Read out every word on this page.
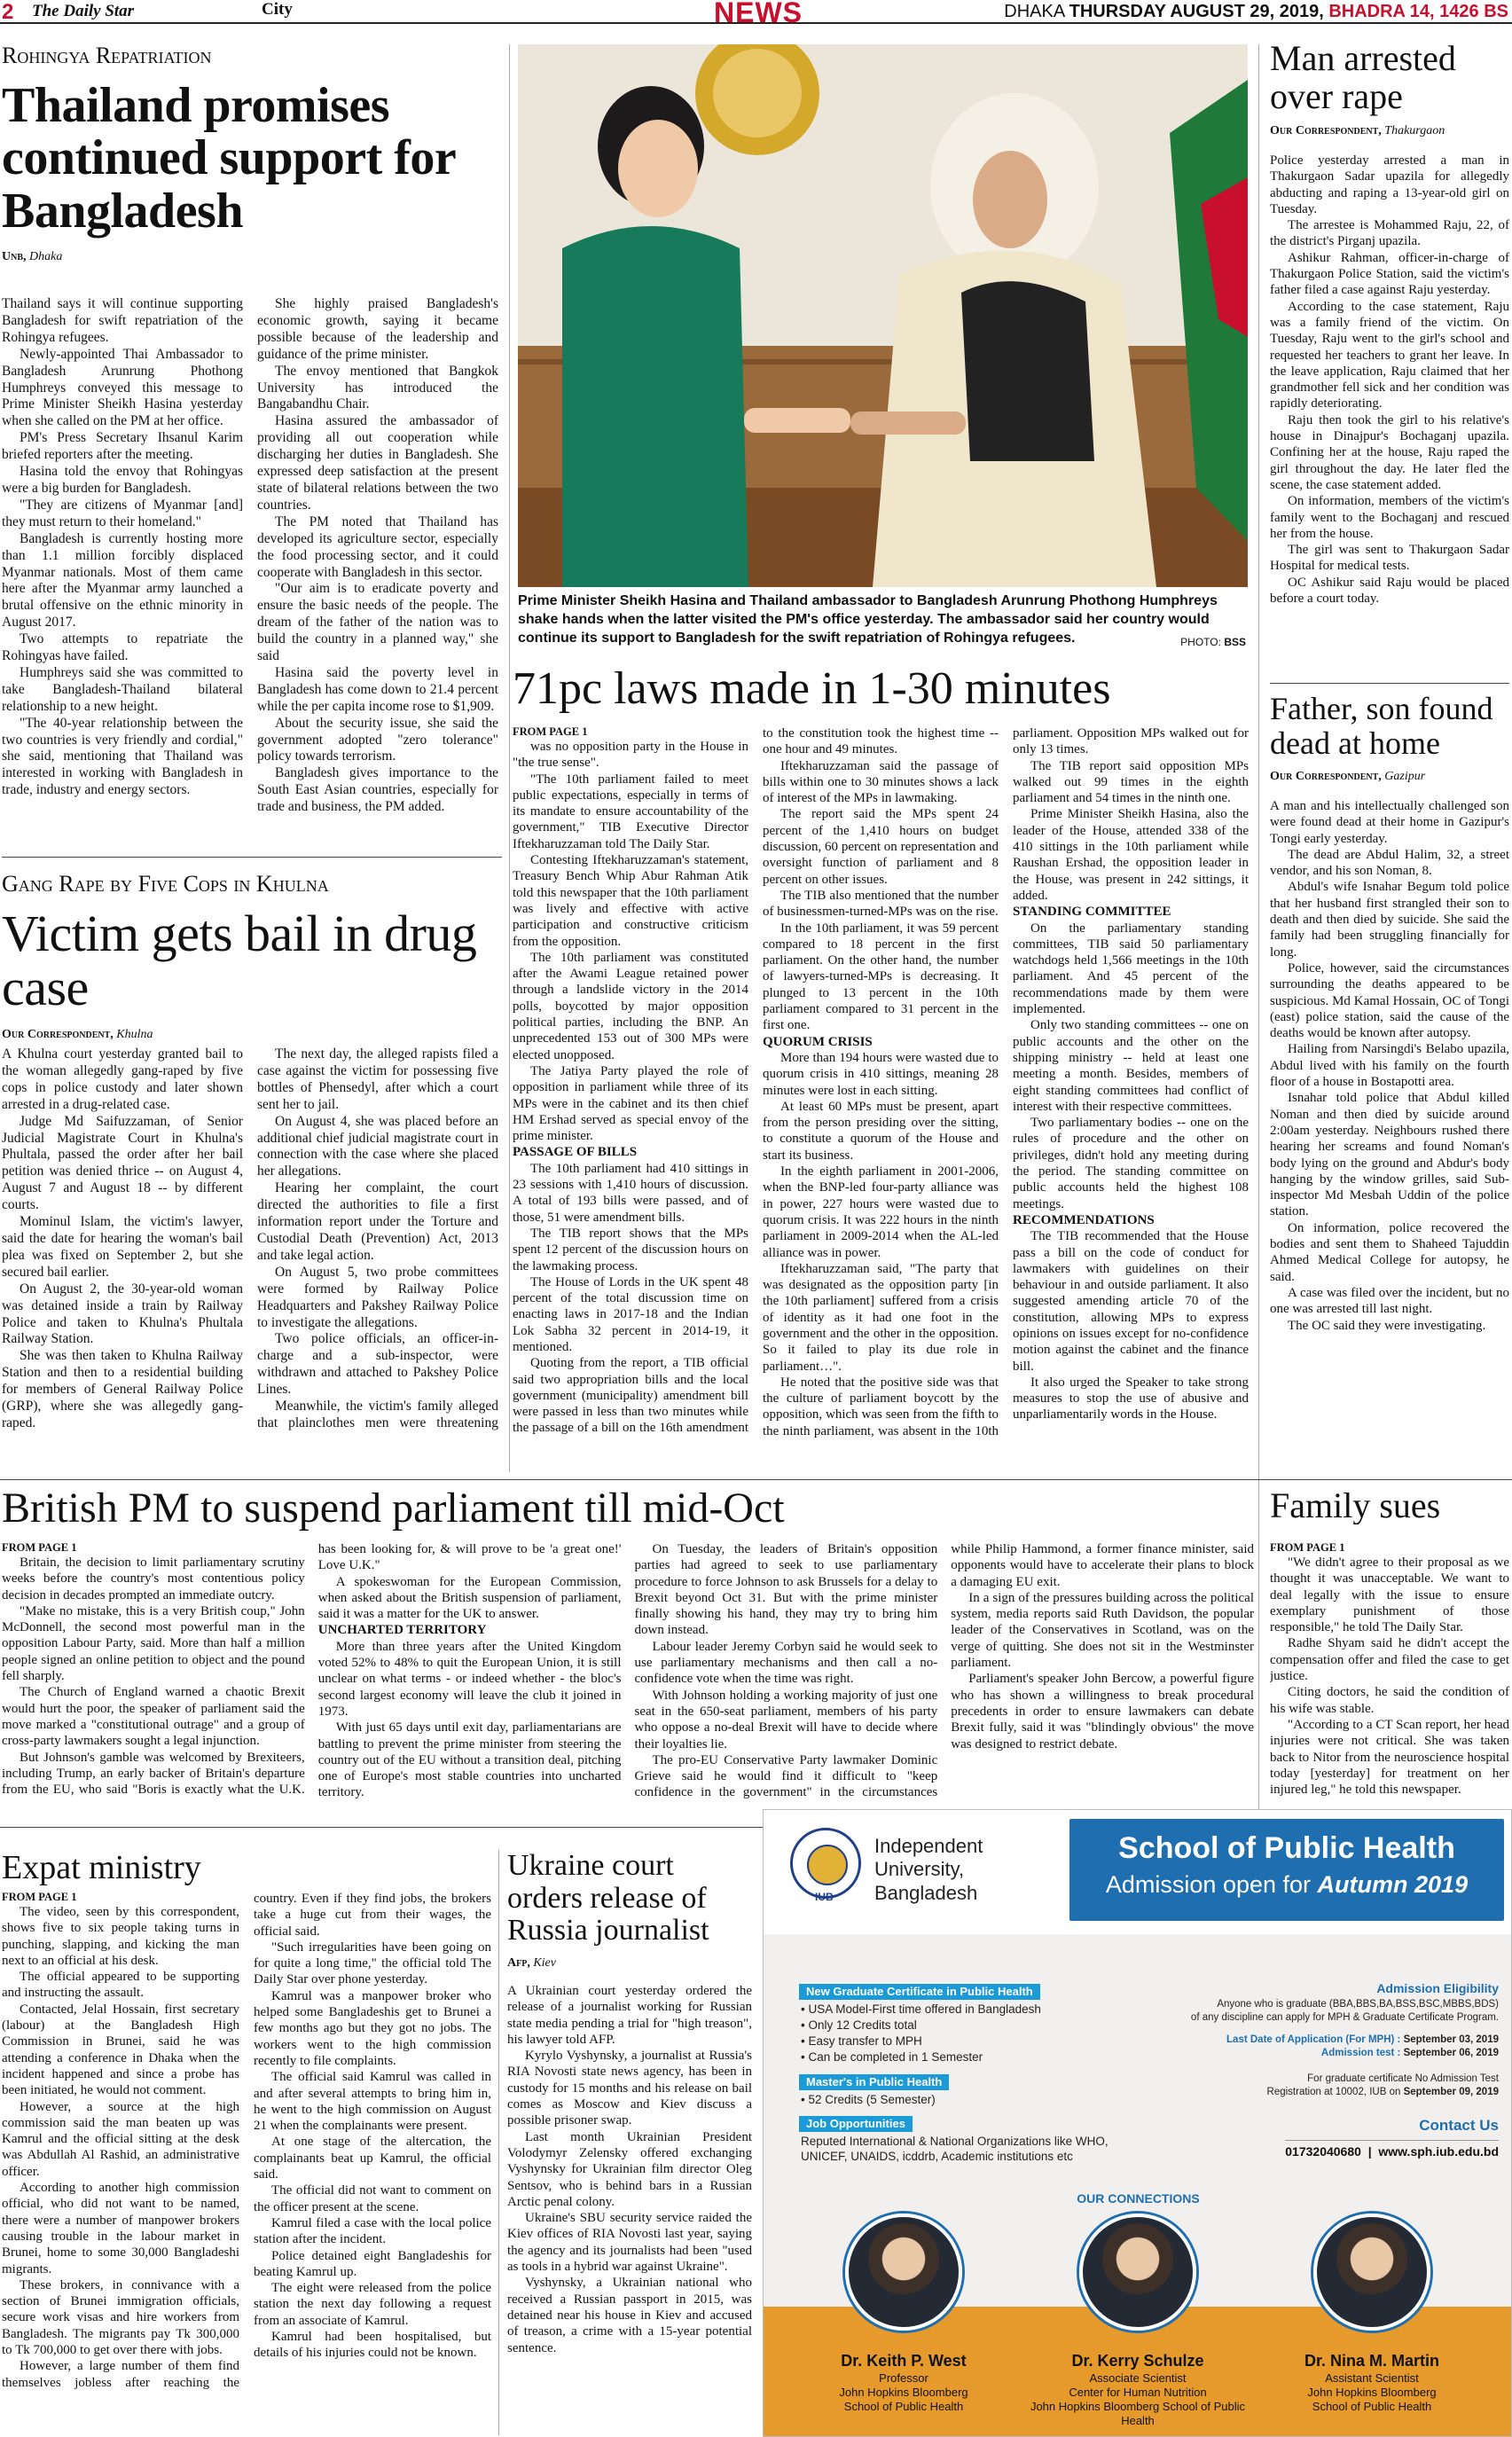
2 The Daily Star	City	NEWS	DHAKA THURSDAY AUGUST 29, 2019, BHADRA 14, 1426 BS
Rohingya Repatriation
Thailand promises continued support for Bangladesh
Unb, Dhaka

Thailand says it will continue supporting Bangladesh for swift repatriation of the Rohingya refugees.

Newly-appointed Thai Ambassador to Bangladesh Arunrung Phothong Humphreys conveyed this message to Prime Minister Sheikh Hasina yesterday when she called on the PM at her office.

PM's Press Secretary Ihsanul Karim briefed reporters after the meeting.

Hasina told the envoy that Rohingyas were a big burden for Bangladesh.

"They are citizens of Myanmar [and] they must return to their homeland."

Bangladesh is currently hosting more than 1.1 million forcibly displaced Myanmar nationals. Most of them came here after the Myanmar army launched a brutal offensive on the ethnic minority in August 2017.

Two attempts to repatriate the Rohingyas have failed.

Humphreys said she was committed to take Bangladesh-Thailand bilateral relationship to a new height.

"The 40-year relationship between the two countries is very friendly and cordial," she said, mentioning that Thailand was interested in working with Bangladesh in trade, industry and energy sectors.

She highly praised Bangladesh's economic growth, saying it became possible because of the leadership and guidance of the prime minister.

The envoy mentioned that Bangkok University has introduced the Bangabandhu Chair.

Hasina assured the ambassador of providing all out cooperation while discharging her duties in Bangladesh. She expressed deep satisfaction at the present state of bilateral relations between the two countries.

The PM noted that Thailand has developed its agriculture sector, especially the food processing sector, and it could cooperate with Bangladesh in this sector.

"Our aim is to eradicate poverty and ensure the basic needs of the people. The dream of the father of the nation was to build the country in a planned way," she said

Hasina said the poverty level in Bangladesh has come down to 21.4 percent while the per capita income rose to $1,909.

About the security issue, she said the government adopted "zero tolerance" policy towards terrorism.

Bangladesh gives importance to the South East Asian countries, especially for trade and business, the PM added.

Gang Rape by Five Cops in Khulna
Victim gets bail in drug case
Our Correspondent, Khulna

A Khulna court yesterday granted bail to the woman allegedly gang-raped by five cops in police custody and later shown arrested in a drug-related case.

Judge Md Saifuzzaman, of Senior Judicial Magistrate Court in Khulna's Phultala, passed the order after her bail petition was denied thrice -- on August 4, August 7 and August 18 -- by different courts.

Mominul Islam, the victim's lawyer, said the date for hearing the woman's bail plea was fixed on September 2, but she secured bail earlier.

On August 2, the 30-year-old woman was detained inside a train by Railway Police and taken to Khulna's Phultala Railway Station.

She was then taken to Khulna Railway Station and then to a residential building for members of General Railway Police (GRP), where she was allegedly gang-raped.

The next day, the alleged rapists filed a case against the victim for possessing five bottles of Phensedyl, after which a court sent her to jail.

On August 4, she was placed before an additional chief judicial magistrate court in connection with the case where she placed her allegations.

Hearing her complaint, the court directed the authorities to file a first information report under the Torture and Custodial Death (Prevention) Act, 2013 and take legal action.

On August 5, two probe committees were formed by Railway Police Headquarters and Pakshey Railway Police to investigate the allegations.

Two police officials, an officer-in-charge and a sub-inspector, were withdrawn and attached to Pakshey Police Lines.

Meanwhile, the victim's family alleged that plainclothes men were threatening

Prime Minister Sheikh Hasina and Thailand ambassador to Bangladesh Arunrung Phothong Humphreys shake hands when the latter visited the PM's office yesterday. The ambassador said her country would continue its support to Bangladesh for the swift repatriation of Rohingya refugees.	PHOTO: BSS
71pc laws made in 1-30 minutes
FROM PAGE 1

was no opposition party in the House in "the true sense".

"The 10th parliament failed to meet public expectations, especially in terms of its mandate to ensure accountability of the government," TIB Executive Director Iftekharuzzaman told The Daily Star.

Contesting Iftekharuzzaman's statement, Treasury Bench Whip Abur Rahman Atik told this newspaper that the 10th parliament was lively and effective with active participation and constructive criticism from the opposition.

The 10th parliament was constituted after the Awami League retained power through a landslide victory in the 2014 polls, boycotted by major opposition political parties, including the BNP. An unprecedented 153 out of 300 MPs were elected unopposed.

The Jatiya Party played the role of opposition in parliament while three of its MPs were in the cabinet and its then chief HM Ershad served as special envoy of the prime minister.

PASSAGE OF BILLS

The 10th parliament had 410 sittings in 23 sessions with 1,410 hours of discussion. A total of 193 bills were passed, and of those, 51 were amendment bills.

The TIB report shows that the MPs spent 12 percent of the discussion hours on the lawmaking process.

The House of Lords in the UK spent 48 percent of the total discussion time on enacting laws in 2017-18 and the Indian Lok Sabha 32 percent in 2014-19, it mentioned.

Quoting from the report, a TIB official said two appropriation bills and the local government (municipality) amendment bill were passed in less than two minutes while the passage of a bill on the 16th amendment to the constitution took the highest time -- one hour and 49 minutes.

Iftekharuzzaman said the passage of bills within one to 30 minutes shows a lack of interest of the MPs in lawmaking.

The report said the MPs spent 24 percent of the 1,410 hours on budget discussion, 60 percent on representation and oversight function of parliament and 8 percent on other issues.

The TIB also mentioned that the number of businessmen-turned-MPs was on the rise.

In the 10th parliament, it was 59 percent compared to 18 percent in the first parliament. On the other hand, the number of lawyers-turned-MPs is decreasing. It plunged to 13 percent in the 10th parliament compared to 31 percent in the first one.

QUORUM CRISIS

More than 194 hours were wasted due to quorum crisis in 410 sittings, meaning 28 minutes were lost in each sitting.

At least 60 MPs must be present, apart from the person presiding over the sitting, to constitute a quorum of the House and start its business.

In the eighth parliament in 2001-2006, when the BNP-led four-party alliance was in power, 227 hours were wasted due to quorum crisis. It was 222 hours in the ninth parliament in 2009-2014 when the AL-led alliance was in power.

Iftekharuzzaman said, "The party that was designated as the opposition party [in the 10th parliament] suffered from a crisis of identity as it had one foot in the government and the other in the opposition. So it failed to play its due role in parliament…".

He noted that the positive side was that the culture of parliament boycott by the opposition, which was seen from the fifth to the ninth parliament, was absent in the 10th parliament. Opposition MPs walked out for only 13 times.

The TIB report said opposition MPs walked out 99 times in the eighth parliament and 54 times in the ninth one.

Prime Minister Sheikh Hasina, also the leader of the House, attended 338 of the 410 sittings in the 10th parliament while Raushan Ershad, the opposition leader in the House, was present in 242 sittings, it added.

STANDING COMMITTEE

On the parliamentary standing committees, TIB said 50 parliamentary watchdogs held 1,566 meetings in the 10th parliament. And 45 percent of the recommendations made by them were implemented.

Only two standing committees -- one on public accounts and the other on the shipping ministry -- held at least one meeting a month. Besides, members of eight standing committees had conflict of interest with their respective committees.

Two parliamentary bodies -- one on the rules of procedure and the other on privileges, didn't hold any meeting during the period. The standing committee on public accounts held the highest 108 meetings.

RECOMMENDATIONS

The TIB recommended that the House pass a bill on the code of conduct for lawmakers with guidelines on their behaviour in and outside parliament. It also suggested amending article 70 of the constitution, allowing MPs to express opinions on issues except for no-confidence motion against the cabinet and the finance bill.

It also urged the Speaker to take strong measures to stop the use of abusive and unparliamentarily words in the House.

Man arrested over rape
Our Correspondent, Thakurgaon

Police yesterday arrested a man in Thakurgaon Sadar upazila for allegedly abducting and raping a 13-year-old girl on Tuesday.

The arrestee is Mohammed Raju, 22, of the district's Pirganj upazila.

Ashikur Rahman, officer-in-charge of Thakurgaon Police Station, said the victim's father filed a case against Raju yesterday.

According to the case statement, Raju was a family friend of the victim. On Tuesday, Raju went to the girl's school and requested her teachers to grant her leave. In the leave application, Raju claimed that her grandmother fell sick and her condition was rapidly deteriorating.

Raju then took the girl to his relative's house in Dinajpur's Bochaganj upazila. Confining her at the house, Raju raped the girl throughout the day. He later fled the scene, the case statement added.

On information, members of the victim's family went to the Bochaganj and rescued her from the house.

The girl was sent to Thakurgaon Sadar Hospital for medical tests.

OC Ashikur said Raju would be placed before a court today.

Father, son found dead at home
Our Correspondent, Gazipur

A man and his intellectually challenged son were found dead at their home in Gazipur's Tongi early yesterday.

The dead are Abdul Halim, 32, a street vendor, and his son Noman, 8.

Abdul's wife Isnahar Begum told police that her husband first strangled their son to death and then died by suicide. She said the family had been struggling financially for long.

Police, however, said the circumstances surrounding the deaths appeared to be suspicious. Md Kamal Hossain, OC of Tongi (east) police station, said the cause of the deaths would be known after autopsy.

Hailing from Narsingdi's Belabo upazila, Abdul lived with his family on the fourth floor of a house in Bostapotti area.

Isnahar told police that Abdul killed Noman and then died by suicide around 2:00am yesterday. Neighbours rushed there hearing her screams and found Noman's body lying on the ground and Abdur's body hanging by the window grilles, said Sub-inspector Md Mesbah Uddin of the police station.

On information, police recovered the bodies and sent them to Shaheed Tajuddin Ahmed Medical College for autopsy, he said.

A case was filed over the incident, but no one was arrested till last night.

The OC said they were investigating.

British PM to suspend parliament till mid-Oct
FROM PAGE 1

Britain, the decision to limit parliamentary scrutiny weeks before the country's most contentious policy decision in decades prompted an immediate outcry.

"Make no mistake, this is a very British coup," John McDonnell, the second most powerful man in the opposition Labour Party, said. More than half a million people signed an online petition to object and the pound fell sharply.

The Church of England warned a chaotic Brexit would hurt the poor, the speaker of parliament said the move marked a "constitutional outrage" and a group of cross-party lawmakers sought a legal injunction.

But Johnson's gamble was welcomed by Brexiteers, including Trump, an early backer of Britain's departure from the EU, who said "Boris is exactly what the U.K. has been looking for, & will prove to be 'a great one!' Love U.K."

A spokeswoman for the European Commission, when asked about the British suspension of parliament, said it was a matter for the UK to answer.

UNCHARTED TERRITORY

More than three years after the United Kingdom voted 52% to 48% to quit the European Union, it is still unclear on what terms - or indeed whether - the bloc's second largest economy will leave the club it joined in 1973.

With just 65 days until exit day, parliamentarians are battling to prevent the prime minister from steering the country out of the EU without a transition deal, pitching one of Europe's most stable countries into uncharted territory.

On Tuesday, the leaders of Britain's opposition parties had agreed to seek to use parliamentary procedure to force Johnson to ask Brussels for a delay to Brexit beyond Oct 31. But with the prime minister finally showing his hand, they may try to bring him down instead.

Labour leader Jeremy Corbyn said he would seek to use parliamentary mechanisms and then call a no-confidence vote when the time was right.

With Johnson holding a working majority of just one seat in the 650-seat parliament, members of his party who oppose a no-deal Brexit will have to decide where their loyalties lie.

The pro-EU Conservative Party lawmaker Dominic Grieve said he would find it difficult to "keep confidence in the government" in the circumstances while Philip Hammond, a former finance minister, said opponents would have to accelerate their plans to block a damaging EU exit.

In a sign of the pressures building across the political system, media reports said Ruth Davidson, the popular leader of the Conservatives in Scotland, was on the verge of quitting. She does not sit in the Westminster parliament.

Parliament's speaker John Bercow, a powerful figure who has shown a willingness to break procedural precedents in order to ensure lawmakers can debate Brexit fully, said it was "blindingly obvious" the move was designed to restrict debate.

Family sues
FROM PAGE 1

"We didn't agree to their proposal as we thought it was unacceptable. We want to deal legally with the issue to ensure exemplary punishment of those responsible," he told The Daily Star.

Radhe Shyam said he didn't accept the compensation offer and filed the case to get justice.

Citing doctors, he said the condition of his wife was stable.

"According to a CT Scan report, her head injuries were not critical. She was taken back to Nitor from the neuroscience hospital today [yesterday] for treatment on her injured leg," he told this newspaper.

Expat ministry
FROM PAGE 1

The video, seen by this correspondent, shows five to six people taking turns in punching, slapping, and kicking the man next to an official at his desk.

The official appeared to be supporting and instructing the assault.

Contacted, Jelal Hossain, first secretary (labour) at the Bangladesh High Commission in Brunei, said he was attending a conference in Dhaka when the incident happened and since a probe has been initiated, he would not comment.

However, a source at the high commission said the man beaten up was Kamrul and the official sitting at the desk was Abdullah Al Rashid, an administrative officer.

According to another high commission official, who did not want to be named, there were a number of manpower brokers causing trouble in the labour market in Brunei, home to some 30,000 Bangladeshi migrants.

These brokers, in connivance with a section of Brunei immigration officials, secure work visas and hire workers from Bangladesh. The migrants pay Tk 300,000 to Tk 700,000 to get over there with jobs.

However, a large number of them find themselves jobless after reaching the country. Even if they find jobs, the brokers take a huge cut from their wages, the official said.

"Such irregularities have been going on for quite a long time," the official told The Daily Star over phone yesterday.

Kamrul was a manpower broker who helped some Bangladeshis get to Brunei a few months ago but they got no jobs. The workers went to the high commission recently to file complaints.

The official said Kamrul was called in and after several attempts to bring him in, he went to the high commission on August 21 when the complainants were present.

At one stage of the altercation, the complainants beat up Kamrul, the official said.

The official did not want to comment on the officer present at the scene.

Kamrul filed a case with the local police station after the incident.

Police detained eight Bangladeshis for beating Kamrul up.

The eight were released from the police station the next day following a request from an associate of Kamrul.

Kamrul had been hospitalised, but details of his injuries could not be known.

Ukraine court orders release of Russia journalist
Afp, Kiev

A Ukrainian court yesterday ordered the release of a journalist working for Russian state media pending a trial for "high treason", his lawyer told AFP.

Kyrylo Vyshynsky, a journalist at Russia's RIA Novosti state news agency, has been in custody for 15 months and his release on bail comes as Moscow and Kiev discuss a possible prisoner swap.

Last month Ukrainian President Volodymyr Zelensky offered exchanging Vyshynsky for Ukrainian film director Oleg Sentsov, who is behind bars in a Russian Arctic penal colony.

Ukraine's SBU security service raided the Kiev offices of RIA Novosti last year, saying the agency and its journalists had been "used as tools in a hybrid war against Ukraine".

Vyshynsky, a Ukrainian national who received a Russian passport in 2015, was detained near his house in Kiev and accused of treason, a crime with a 15-year potential sentence.

Independent
University,
Bangladesh
School of Public Health
Admission open for Autumn 2019
New Graduate Certificate in Public Health
• USA Model-First time offered in Bangladesh
• Only 12 Credits total
• Easy transfer to MPH
• Can be completed in 1 Semester
Master's in Public Health
• 52 Credits (5 Semester)
Job Opportunities
Reputed International & National Organizations like WHO,
UNICEF, UNAIDS, icddrb, Academic institutions etc
Admission Eligibility
Anyone who is graduate (BBA,BBS,BA,BSS,BSC,MBBS,BDS)
of any discipline can apply for MPH & Graduate Certificate Program.
Last Date of Application (For MPH) : September 03, 2019
Admission test : September 06, 2019
Contact Us
For graduate certificate No Admission Test
Registration at 10002, IUB on September 09, 2019
01732040680  |  www.sph.iub.edu.bd
OUR CONNECTIONS
Dr. Keith P. West
Professor
John Hopkins Bloomberg
School of Public Health
Dr. Kerry Schulze
Associate Scientist
Center for Human Nutrition
John Hopkins Bloomberg School of Public Health
Dr. Nina M. Martin
Assistant Scientist
John Hopkins Bloomberg
School of Public Health
IUB
